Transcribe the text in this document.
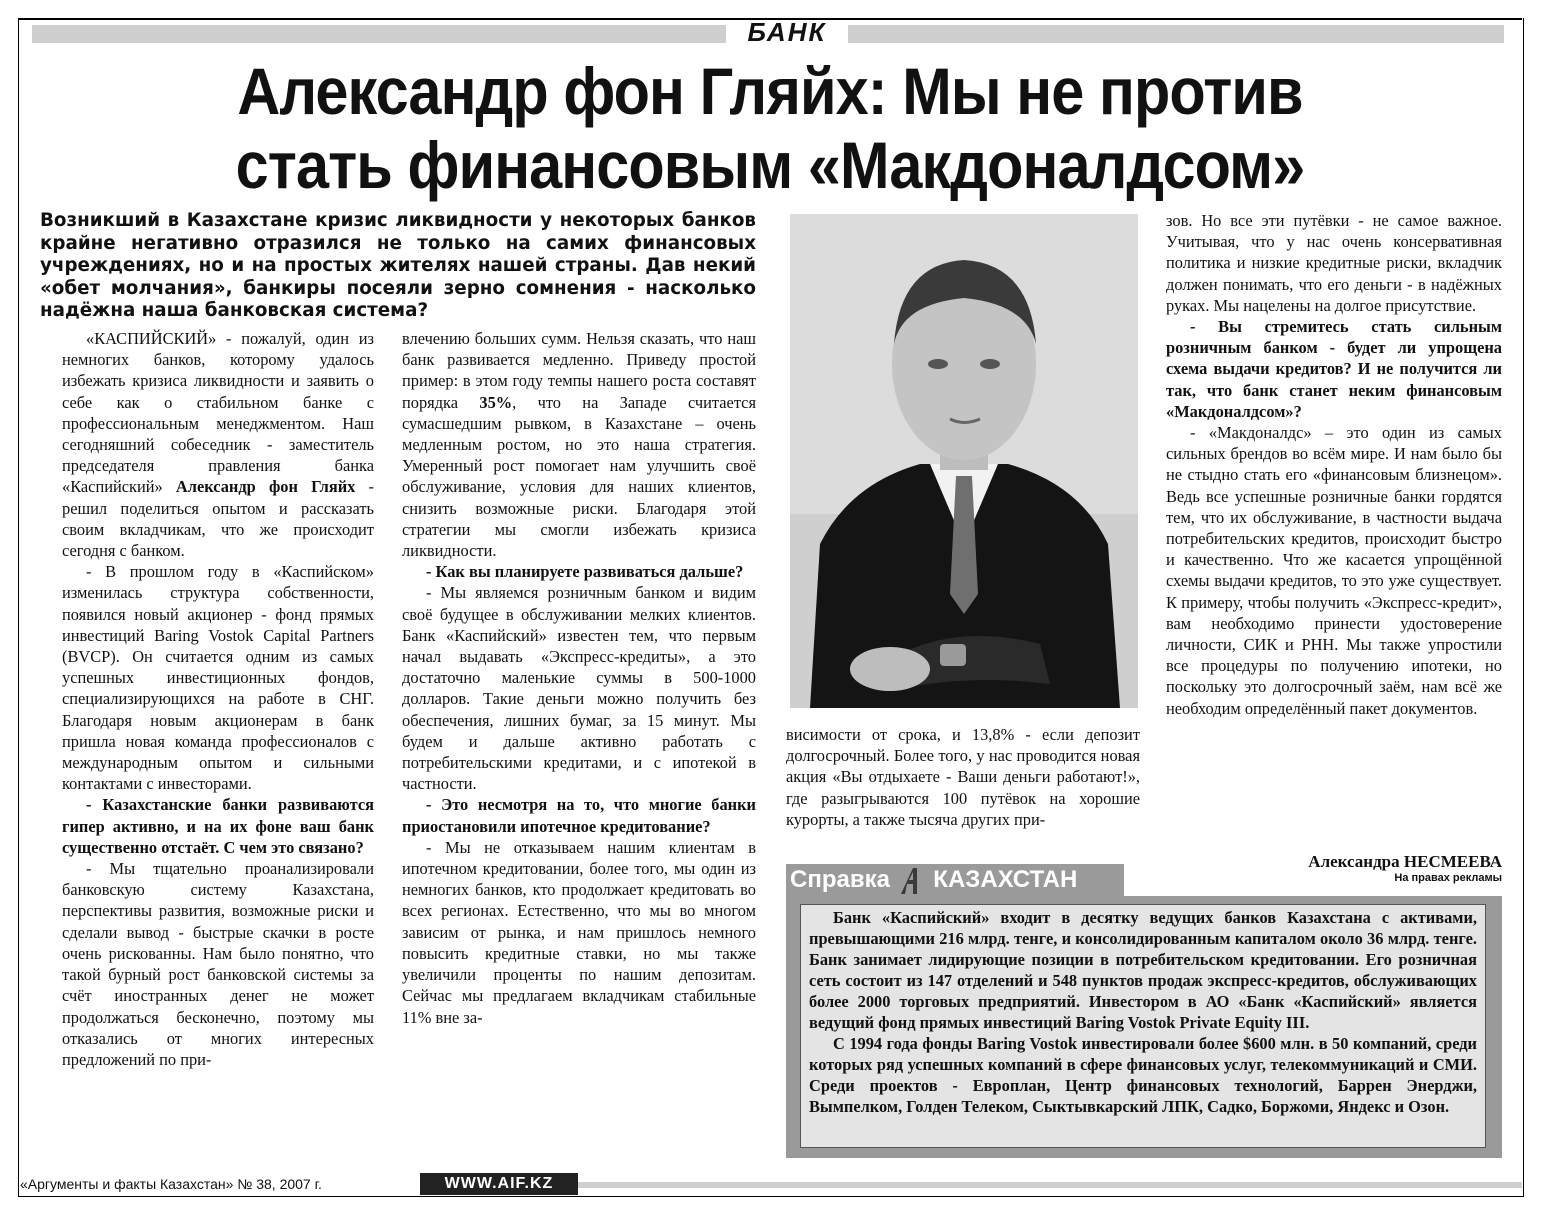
БАНК
Александр фон Гляйх: Мы не против
стать финансовым «Макдоналдсом»
Возникший в Казахстане кризис ликвидности у некоторых банков крайне негативно отразился не только на самих финансовых учреждениях, но и на простых жителях нашей страны. Дав некий «обет молчания», банкиры посеяли зерно сомнения - насколько надёжна наша банковская система?

«КАСПИЙСКИЙ» - пожалуй, один из немногих банков, которому удалось избежать кризиса ликвидности и заявить о себе как о стабильном банке с профессиональным менеджментом. Наш сегодняшний собеседник - заместитель председателя правления банка «Каспийский» Александр фон Гляйх - решил поделиться опытом и рассказать своим вкладчикам, что же происходит сегодня с банком.

- В прошлом году в «Каспийском» изменилась структура собственности, появился новый акционер - фонд прямых инвестиций Baring Vostok Capital Partners (BVCP). Он считается одним из самых успешных инвестиционных фондов, специализирующихся на работе в СНГ. Благодаря новым акционерам в банк пришла новая команда профессионалов с международным опытом и сильными контактами с инвесторами.

- Казахстанские банки развиваются гипер активно, и на их фоне ваш банк существенно отстаёт. С чем это связано?

- Мы тщательно проанализировали банковскую систему Казахстана, перспективы развития, возможные риски и сделали вывод - быстрые скачки в росте очень рискованны. Нам было понятно, что такой бурный рост банковской системы за счёт иностранных денег не может продолжаться бесконечно, поэтому мы отказались от многих интересных предложений по при-

влечению больших сумм. Нельзя сказать, что наш банк развивается медленно. Приведу простой пример: в этом году темпы нашего роста составят порядка 35%, что на Западе считается сумасшедшим рывком, в Казахстане – очень медленным ростом, но это наша стратегия. Умеренный рост помогает нам улучшить своё обслуживание, условия для наших клиентов, снизить возможные риски. Благодаря этой стратегии мы смогли избежать кризиса ликвидности.

- Как вы планируете развиваться дальше?

- Мы являемся розничным банком и видим своё будущее в обслуживании мелких клиентов. Банк «Каспийский» известен тем, что первым начал выдавать «Экспресс-кредиты», а это достаточно маленькие суммы в 500-1000 долларов. Такие деньги можно получить без обеспечения, лишних бумаг, за 15 минут. Мы будем и дальше активно работать с потребительскими кредитами, и с ипотекой в частности.

- Это несмотря на то, что многие банки приостановили ипотечное кредитование?

- Мы не отказываем нашим клиентам в ипотечном кредитовании, более того, мы один из немногих банков, кто продолжает кредитовать во всех регионах. Естественно, что мы во многом зависим от рынка, и нам пришлось немного повысить кредитные ставки, но мы также увеличили проценты по нашим депозитам. Сейчас мы предлагаем вкладчикам стабильные 11% вне за-

висимости от срока, и 13,8% - если депозит долгосрочный. Более того, у нас проводится новая акция «Вы отдыхаете - Ваши деньги работают!», где разыгрываются 100 путёвок на хорошие курорты, а также тысяча других при-

зов. Но все эти путёвки - не самое важное. Учитывая, что у нас очень консервативная политика и низкие кредитные риски, вкладчик должен понимать, что его деньги - в надёжных руках. Мы нацелены на долгое присутствие.

- Вы стремитесь стать сильным розничным банком - будет ли упрощена схема выдачи кредитов? И не получится ли так, что банк станет неким финансовым «Макдоналдсом»?

- «Макдоналдс» – это один из самых сильных брендов во всём мире. И нам было бы не стыдно стать его «финансовым близнецом». Ведь все успешные розничные банки гордятся тем, что их обслуживание, в частности выдача потребительских кредитов, происходит быстро и качественно. Что же касается упрощённой схемы выдачи кредитов, то это уже существует. К примеру, чтобы получить «Экспресс-кредит», вам необходимо принести удостоверение личности, СИК и РНН. Мы также упростили все процедуры по получению ипотеки, но поскольку это долгосрочный заём, нам всё же необходим определённый пакет документов.

Александра НЕСМЕЕВА
На правах рекламы
Справка КАЗАХСТАН

Банк «Каспийский» входит в десятку ведущих банков Казахстана с активами, превышающими 216 млрд. тенге, и консолидированным капиталом около 36 млрд. тенге. Банк занимает лидирующие позиции в потребительском кредитовании. Его розничная сеть состоит из 147 отделений и 548 пунктов продаж экспресс-кредитов, обслуживающих более 2000 торговых предприятий. Инвестором в АО «Банк «Каспийский» является ведущий фонд прямых инвестиций Baring Vostok Private Equity III.

С 1994 года фонды Baring Vostok инвестировали более $600 млн. в 50 компаний, среди которых ряд успешных компаний в сфере финансовых услуг, телекоммуникаций и СМИ. Среди проектов - Европлан, Центр финансовых технологий, Баррен Энерджи, Вымпелком, Голден Телеком, Сыктывкарский ЛПК, Садко, Боржоми, Яндекс и Озон.

«Аргументы и факты Казахстан» № 38, 2007 г.	WWW.AIF.KZ
